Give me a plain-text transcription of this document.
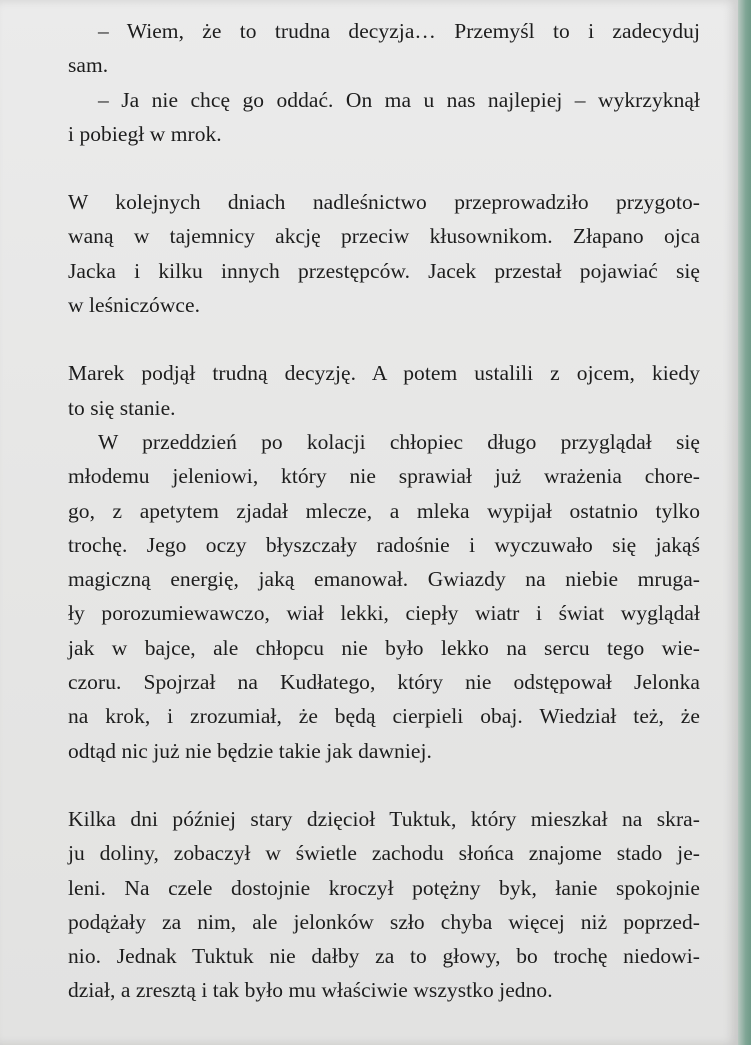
– Wiem, że to trudna decyzja… Przemyśl to i zadecyduj
sam.
– Ja nie chcę go oddać. On ma u nas najlepiej – wykrzyknął
i pobiegł w mrok.
W kolejnych dniach nadleśnictwo przeprowadziło przygoto-
waną w tajemnicy akcję przeciw kłusownikom. Złapano ojca
Jacka i kilku innych przestępców. Jacek przestał pojawiać się
w leśniczówce.
Marek podjął trudną decyzję. A potem ustalili z ojcem, kiedy
to się stanie.
W przeddzień po kolacji chłopiec długo przyglądał się
młodemu jeleniowi, który nie sprawiał już wrażenia chore-
go, z apetytem zjadał mlecze, a mleka wypijał ostatnio tylko
trochę. Jego oczy błyszczały radośnie i wyczuwało się jakąś
magiczną energię, jaką emanował. Gwiazdy na niebie mruga-
ły porozumiewawczo, wiał lekki, ciepły wiatr i świat wyglądał
jak w bajce, ale chłopcu nie było lekko na sercu tego wie-
czoru. Spojrzał na Kudłatego, który nie odstępował Jelonka
na krok, i zrozumiał, że będą cierpieli obaj. Wiedział też, że
odtąd nic już nie będzie takie jak dawniej.
Kilka dni później stary dzięcioł Tuktuk, który mieszkał na skra-
ju doliny, zobaczył w świetle zachodu słońca znajome stado je-
leni. Na czele dostojnie kroczył potężny byk, łanie spokojnie
podążały za nim, ale jelonków szło chyba więcej niż poprzed-
nio. Jednak Tuktuk nie dałby za to głowy, bo trochę niedowi-
dział, a zresztą i tak było mu właściwie wszystko jedno.
